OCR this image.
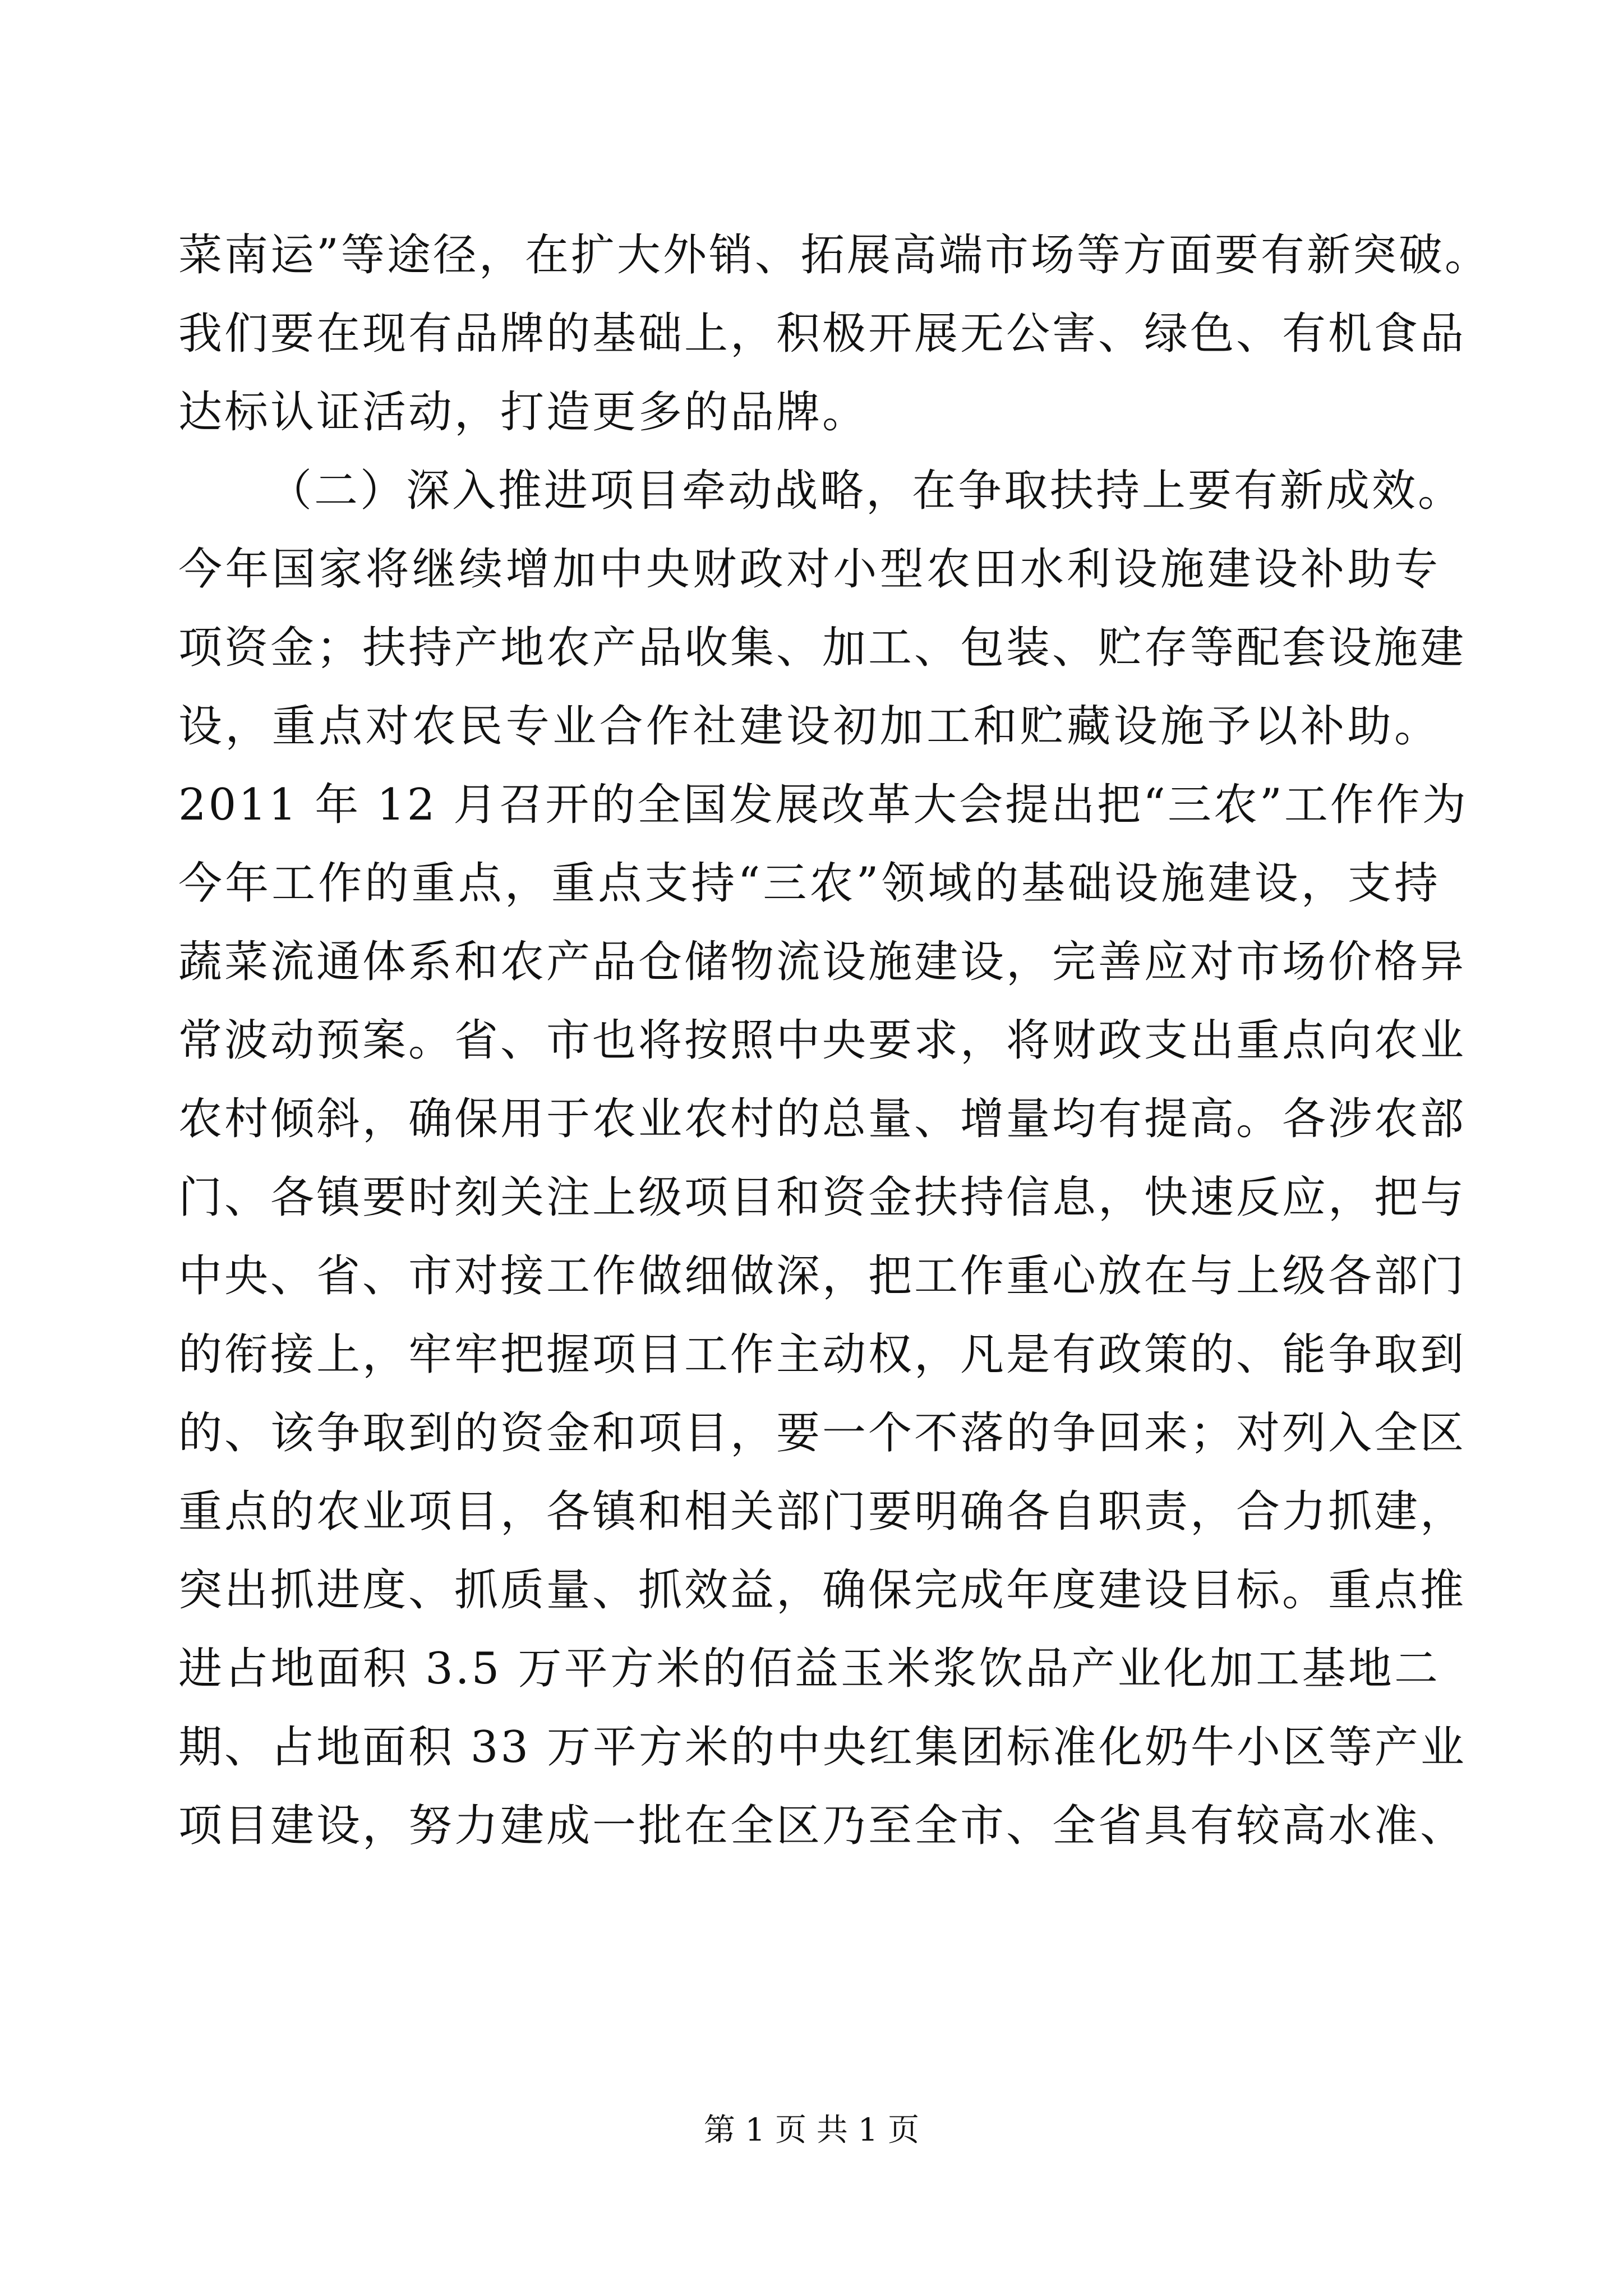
菜南运”等途径，在扩大外销、拓展高端市场等方面要有新突破。
我们要在现有品牌的基础上，积极开展无公害、绿色、有机食品
达标认证活动，打造更多的品牌。
（二）深入推进项目牵动战略，在争取扶持上要有新成效。
今年国家将继续增加中央财政对小型农田水利设施建设补助专
项资金；扶持产地农产品收集、加工、包装、贮存等配套设施建
设，重点对农民专业合作社建设初加工和贮藏设施予以补助。
2011 年 12 月召开的全国发展改革大会提出把“三农”工作作为
今年工作的重点，重点支持“三农”领域的基础设施建设，支持
蔬菜流通体系和农产品仓储物流设施建设，完善应对市场价格异
常波动预案。省、市也将按照中央要求，将财政支出重点向农业
农村倾斜，确保用于农业农村的总量、增量均有提高。各涉农部
门、各镇要时刻关注上级项目和资金扶持信息，快速反应，把与
中央、省、市对接工作做细做深，把工作重心放在与上级各部门
的衔接上，牢牢把握项目工作主动权，凡是有政策的、能争取到
的、该争取到的资金和项目，要一个不落的争回来；对列入全区
重点的农业项目，各镇和相关部门要明确各自职责，合力抓建，
突出抓进度、抓质量、抓效益，确保完成年度建设目标。重点推
进占地面积 3.5 万平方米的佰益玉米浆饮品产业化加工基地二
期、占地面积 33 万平方米的中央红集团标准化奶牛小区等产业
项目建设，努力建成一批在全区乃至全市、全省具有较高水准、
第 1 页 共 1 页
